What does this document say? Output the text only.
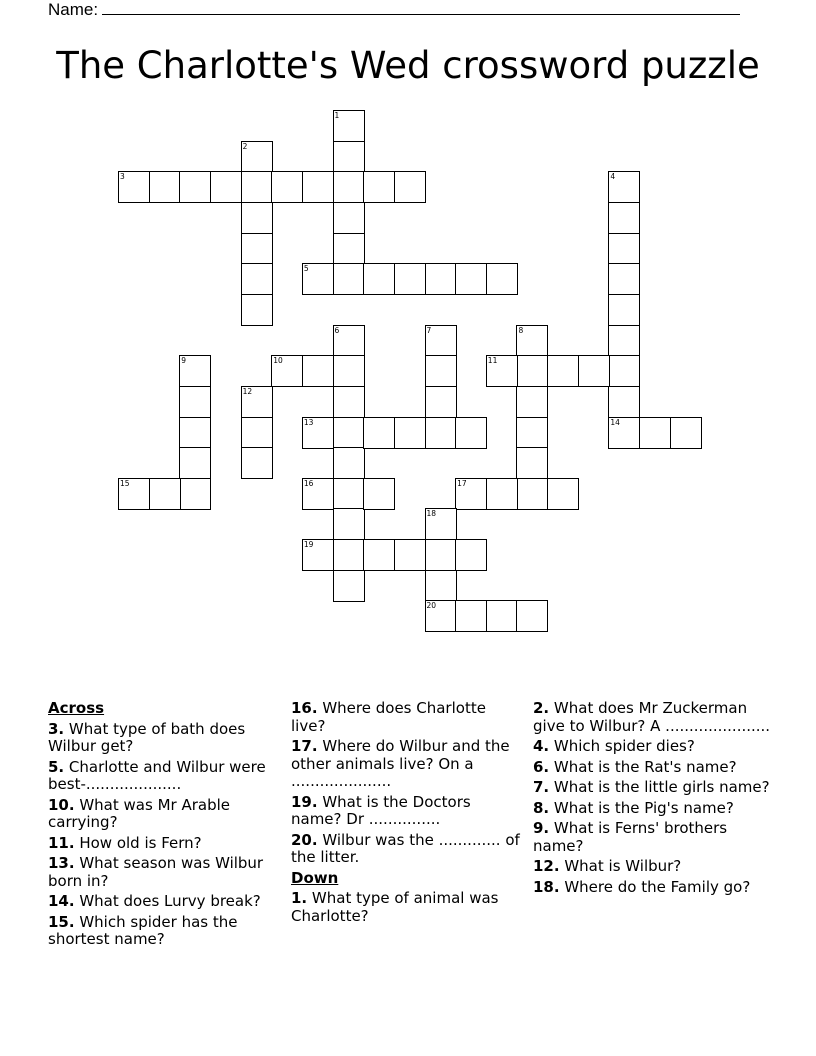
Name:
The Charlotte's Wed crossword puzzle
1
2
3	4
14
5
6	7	8
9	10	11
12
13
15	16	17
18
20
19
Across
3. What type of bath does Wilbur get?
5. Charlotte and Wilbur were best-....................
10. What was Mr Arable carrying?
11. How old is Fern?
13. What season was Wilbur born in?
14. What does Lurvy break?
15. Which spider has the shortest name?
16. Where does Charlotte live?
17. Where do Wilbur and the other animals live? On a .....................
19. What is the Doctors name? Dr ...............
20. Wilbur was the ............. of the litter.
Down
1. What type of animal was Charlotte?
2. What does Mr Zuckerman give to Wilbur? A ......................
4. Which spider dies?
6. What is the Rat's name?
7. What is the little girls name?
8. What is the Pig's name?
9. What is Ferns' brothers name?
12. What is Wilbur?
18. Where do the Family go?
